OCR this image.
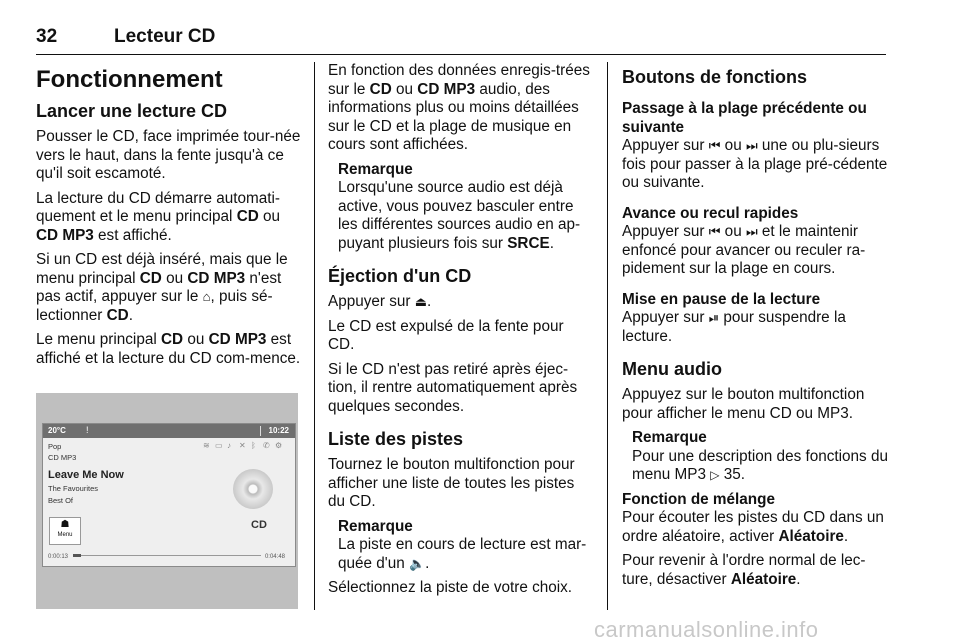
32	Lecteur CD
Fonctionnement
Lancer une lecture CD

Pousser le CD, face imprimée tour-née vers le haut, dans la fente jusqu'à ce qu'il soit escamoté.

La lecture du CD démarre automati-quement et le menu principal CD ou CD MP3 est affiché.

Si un CD est déjà inséré, mais que le menu principal CD ou CD MP3 n'est pas actif, appuyer sur le ⌂, puis sé-lectionner CD.

Le menu principal CD ou CD MP3 est affiché et la lecture du CD com-mence.

20°C !	10:22
≋ ▭ ♪ ✕ ᛒ ✆ ⚙
Pop
CD MP3
Leave Me Now
The Favourites
Best Of
CD
☗
Menu
0:00:13	0:04:48

En fonction des données enregis-trées sur le CD ou CD MP3 audio, des informations plus ou moins détaillées sur le CD et la plage de musique en cours sont affichées.

Remarque
Lorsqu'une source audio est déjà active, vous pouvez basculer entre les différentes sources audio en ap-puyant plusieurs fois sur SRCE.
Éjection d'un CD

Appuyer sur ⏏.

Le CD est expulsé de la fente pour CD.

Si le CD n'est pas retiré après éjec-tion, il rentre automatiquement après quelques secondes.

Liste des pistes

Tournez le bouton multifonction pour afficher une liste de toutes les pistes du CD.

Remarque
La piste en cours de lecture est mar-quée d'un 🔈.

Sélectionnez la piste de votre choix.

Boutons de fonctions
Passage à la plage précédente ou suivante

Appuyer sur ⏮ ou ⏭ une ou plu-sieurs fois pour passer à la plage pré-cédente ou suivante.

Avance ou recul rapides

Appuyer sur ⏮ ou ⏭ et le maintenir enfoncé pour avancer ou reculer ra-pidement sur la plage en cours.

Mise en pause de la lecture

Appuyer sur ⏯ pour suspendre la lecture.

Menu audio

Appuyez sur le bouton multifonction pour afficher le menu CD ou MP3.

Remarque
Pour une description des fonctions du menu MP3 ▷ 35.
Fonction de mélange

Pour écouter les pistes du CD dans un ordre aléatoire, activer Aléatoire.

Pour revenir à l'ordre normal de lec-ture, désactiver Aléatoire.

carmanualsonline.info
